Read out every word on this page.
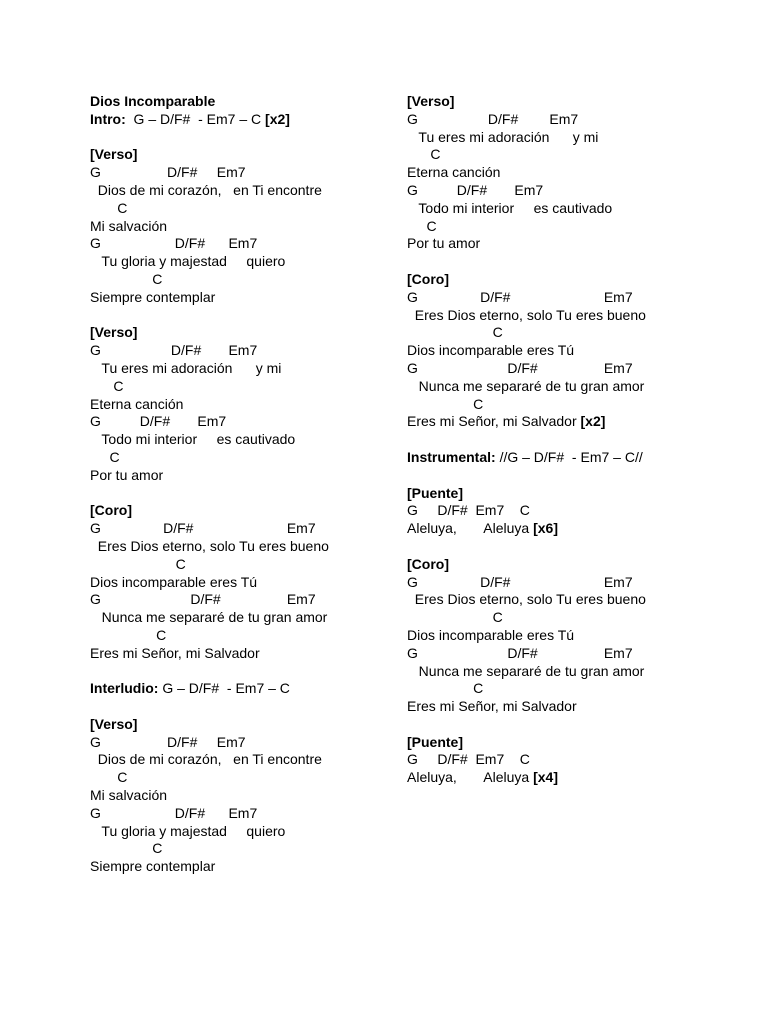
Dios Incomparable
Intro:  G – D/F#  - Em7 – C [x2]
[Verso]
G                 D/F#     Em7
Dios de mi corazón,   en Ti encontre
C
Mi salvación
G                   D/F#      Em7
Tu gloria y majestad     quiero
C
Siempre contemplar
[Verso]
G                  D/F#       Em7
Tu eres mi adoración      y mi
C
Eterna canción
G          D/F#       Em7
Todo mi interior     es cautivado
C
Por tu amor
[Coro]
G                D/F#                        Em7
Eres Dios eterno, solo Tu eres bueno
C
Dios incomparable eres Tú
G                       D/F#                 Em7
Nunca me separaré de tu gran amor
C
Eres mi Señor, mi Salvador
Interludio: G – D/F#  - Em7 – C
[Verso]
G                 D/F#     Em7
Dios de mi corazón,   en Ti encontre
C
Mi salvación
G                   D/F#      Em7
Tu gloria y majestad     quiero
C
Siempre contemplar
[Verso]
G                  D/F#        Em7
Tu eres mi adoración      y mi
C
Eterna canción
G          D/F#       Em7
Todo mi interior     es cautivado
C
Por tu amor
[Coro]
G                D/F#                        Em7
Eres Dios eterno, solo Tu eres bueno
C
Dios incomparable eres Tú
G                       D/F#                 Em7
Nunca me separaré de tu gran amor
C
Eres mi Señor, mi Salvador [x2]
Instrumental: //G – D/F#  - Em7 – C//
[Puente]
G     D/F#  Em7    C
Aleluya,       Aleluya [x6]
[Coro]
G                D/F#                        Em7
Eres Dios eterno, solo Tu eres bueno
C
Dios incomparable eres Tú
G                       D/F#                 Em7
Nunca me separaré de tu gran amor
C
Eres mi Señor, mi Salvador
[Puente]
G     D/F#  Em7    C
Aleluya,       Aleluya [x4]
